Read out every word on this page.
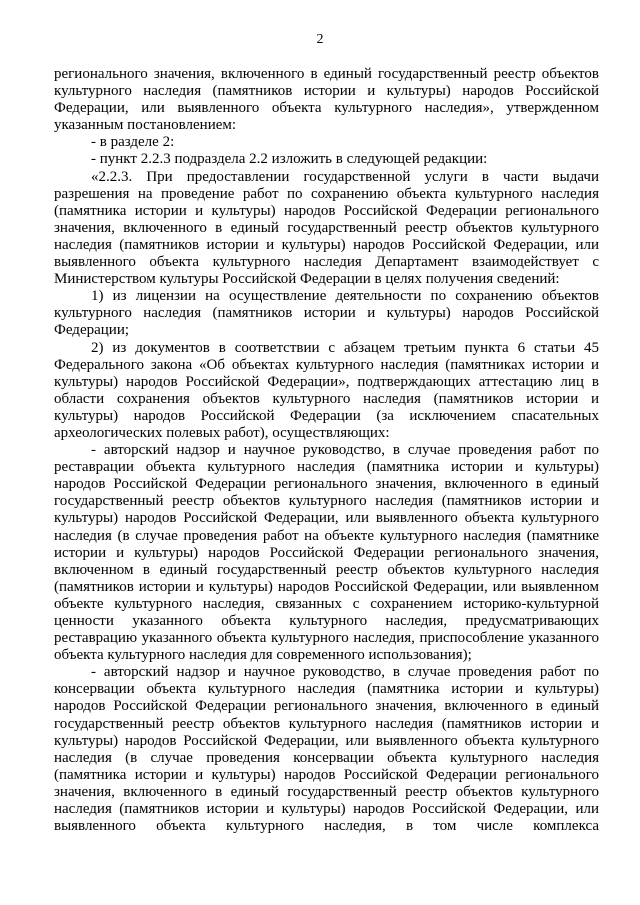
2

регионального значения, включенного в единый государственный реестр объектов
культурного наследия (памятников истории и культуры) народов Российской
Федерации, или выявленного объекта культурного наследия», утвержденном
указанным постановлением:
- в разделе 2:
- пункт 2.2.3 подраздела 2.2 изложить в следующей редакции:
«2.2.3. При предоставлении государственной услуги в части выдачи
разрешения на проведение работ по сохранению объекта культурного наследия
(памятника истории и культуры) народов Российской Федерации регионального
значения, включенного в единый государственный реестр объектов культурного
наследия (памятников истории и культуры) народов Российской Федерации, или
выявленного объекта культурного наследия Департамент взаимодействует с
Министерством культуры Российской Федерации в целях получения сведений:
1) из лицензии на осуществление деятельности по сохранению объектов
культурного наследия (памятников истории и культуры) народов Российской
Федерации;
2) из документов в соответствии с абзацем третьим пункта 6 статьи 45
Федерального закона «Об объектах культурного наследия (памятниках истории и
культуры) народов Российской Федерации», подтверждающих аттестацию лиц в
области сохранения объектов культурного наследия (памятников истории и
культуры) народов Российской Федерации (за исключением спасательных
археологических полевых работ), осуществляющих:
- авторский надзор и научное руководство, в случае проведения работ по
реставрации объекта культурного наследия (памятника истории и культуры)
народов Российской Федерации регионального значения, включенного в единый
государственный реестр объектов культурного наследия (памятников истории и
культуры) народов Российской Федерации, или выявленного объекта культурного
наследия (в случае проведения работ на объекте культурного наследия (памятнике
истории и культуры) народов Российской Федерации регионального значения,
включенном в единый государственный реестр объектов культурного наследия
(памятников истории и культуры) народов Российской Федерации, или выявленном
объекте культурного наследия, связанных с сохранением историко-культурной
ценности указанного объекта культурного наследия, предусматривающих
реставрацию указанного объекта культурного наследия, приспособление указанного
объекта культурного наследия для современного использования);
- авторский надзор и научное руководство, в случае проведения работ по
консервации объекта культурного наследия (памятника истории и культуры)
народов Российской Федерации регионального значения, включенного в единый
государственный реестр объектов культурного наследия (памятников истории и
культуры) народов Российской Федерации, или выявленного объекта культурного
наследия (в случае проведения консервации объекта культурного наследия
(памятника истории и культуры) народов Российской Федерации регионального
значения, включенного в единый государственный реестр объектов культурного
наследия (памятников истории и культуры) народов Российской Федерации, или
выявленного объекта культурного наследия, в том числе комплекса
